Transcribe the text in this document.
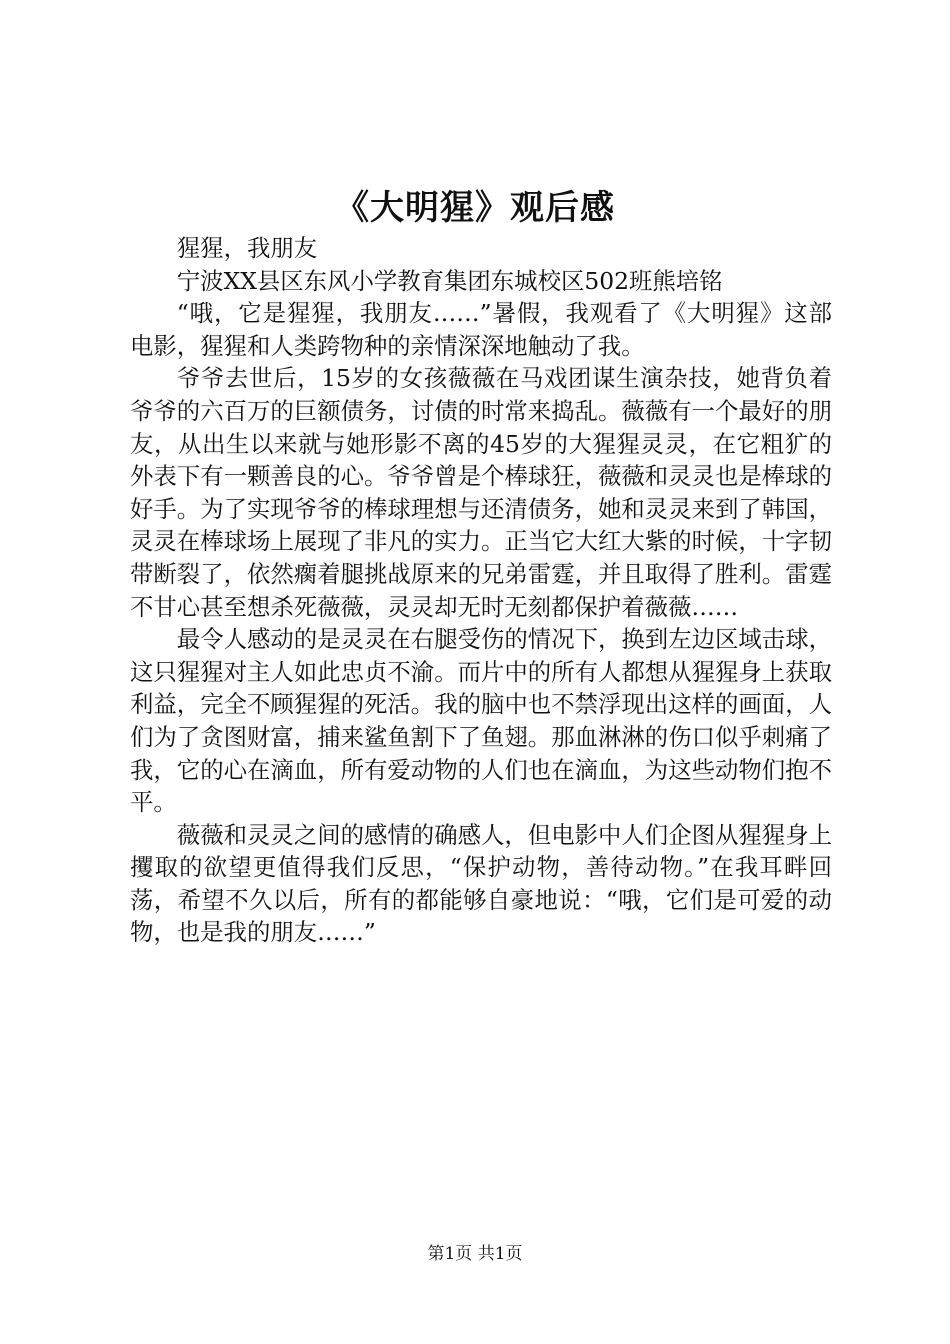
《大明猩》观后感

猩猩，我朋友

宁波XX县区东风小学教育集团东城校区502班熊培铭

“哦，它是猩猩，我朋友……”暑假，我观看了《大明猩》这部电影，猩猩和人类跨物种的亲情深深地触动了我。

爷爷去世后，15岁的女孩薇薇在马戏团谋生演杂技，她背负着爷爷的六百万的巨额债务，讨债的时常来捣乱。薇薇有一个最好的朋友，从出生以来就与她形影不离的45岁的大猩猩灵灵，在它粗犷的外表下有一颗善良的心。爷爷曾是个棒球狂，薇薇和灵灵也是棒球的好手。为了实现爷爷的棒球理想与还清债务，她和灵灵来到了韩国，灵灵在棒球场上展现了非凡的实力。正当它大红大紫的时候，十字韧带断裂了，依然瘸着腿挑战原来的兄弟雷霆，并且取得了胜利。雷霆不甘心甚至想杀死薇薇，灵灵却无时无刻都保护着薇薇……

最令人感动的是灵灵在右腿受伤的情况下，换到左边区域击球，这只猩猩对主人如此忠贞不渝。而片中的所有人都想从猩猩身上获取利益，完全不顾猩猩的死活。我的脑中也不禁浮现出这样的画面，人们为了贪图财富，捕来鲨鱼割下了鱼翅。那血淋淋的伤口似乎刺痛了我，它的心在滴血，所有爱动物的人们也在滴血，为这些动物们抱不平。

薇薇和灵灵之间的感情的确感人，但电影中人们企图从猩猩身上攫取的欲望更值得我们反思，“保护动物，善待动物。”在我耳畔回荡，希望不久以后，所有的都能够自豪地说：“哦，它们是可爱的动物，也是我的朋友……”

第1页 共1页
